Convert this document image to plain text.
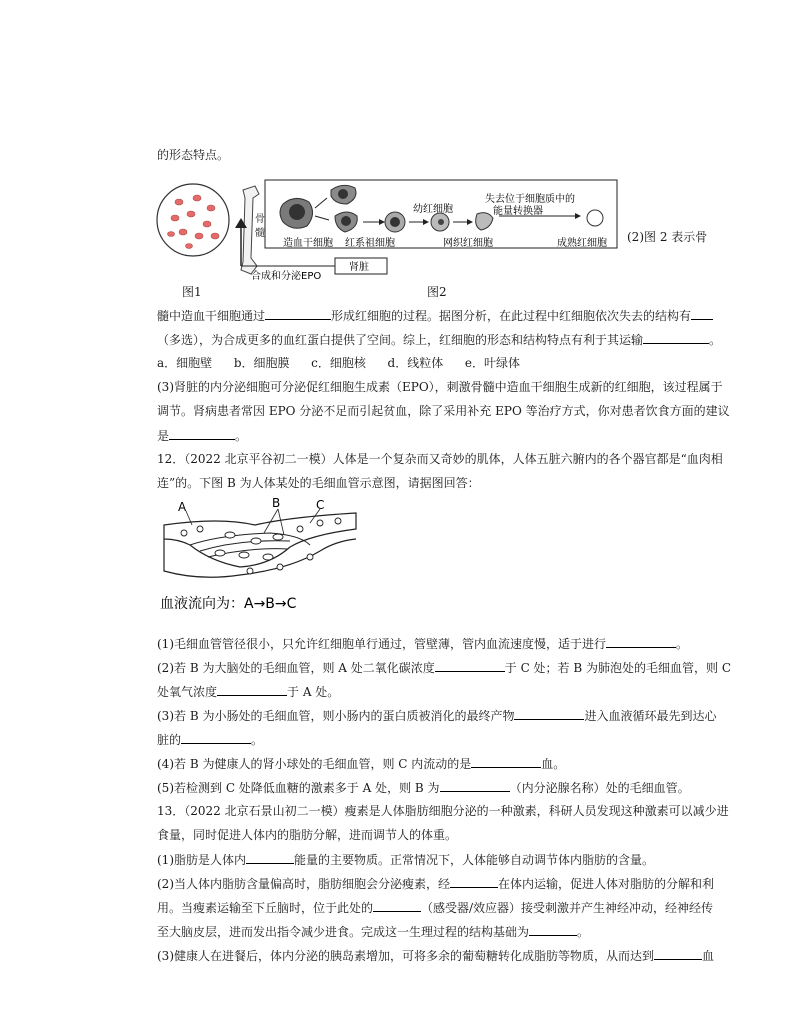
的形态特点。
骨
髓
造血干细胞 红系祖细胞
幼红细胞
网织红细胞	成熟红细胞
失去位于细胞质中的
能量转换器
肾脏
合成和分泌EPO
(2)图 2 表示骨
图1	图2
髓中造血干细胞通过	形成红细胞的过程。据图分析，在此过程中红细胞依次失去的结构有
（多选），为合成更多的血红蛋白提供了空间。综上，红细胞的形态和结构特点有利于其运输	。
a．细胞壁 b．细胞膜 c．细胞核 d．线粒体 e．叶绿体
(3)肾脏的内分泌细胞可分泌促红细胞生成素（EPO），刺激骨髓中造血干细胞生成新的红细胞，该过程属于
调节。肾病患者常因 EPO 分泌不足而引起贫血，除了采用补充 EPO 等治疗方式，你对患者饮食方面的建议
是	。
12．（2022 北京平谷初二一模）人体是一个复杂而又奇妙的肌体，人体五脏六腑内的各个器官都是“血肉相
连”的。下图 B 为人体某处的毛细血管示意图，请据图回答：
A	B	C
血液流向为：A→B→C
(1)毛细血管管径很小，只允许红细胞单行通过，管壁薄，管内血流速度慢，适于进行	。
(2)若 B 为大脑处的毛细血管，则 A 处二氧化碳浓度	于 C 处；若 B 为肺泡处的毛细血管，则 C
处氧气浓度	于 A 处。
(3)若 B 为小肠处的毛细血管，则小肠内的蛋白质被消化的最终产物	进入血液循环最先到达心
脏的	。
(4)若 B 为健康人的肾小球处的毛细血管，则 C 内流动的是	血。
(5)若检测到 C 处降低血糖的激素多于 A 处，则 B 为	（内分泌腺名称）处的毛细血管。
13．（2022 北京石景山初二一模）瘦素是人体脂肪细胞分泌的一种激素，科研人员发现这种激素可以减少进
食量，同时促进人体内的脂肪分解，进而调节人的体重。
(1)脂肪是人体内	能量的主要物质。正常情况下，人体能够自动调节体内脂肪的含量。
(2)当人体内脂肪含量偏高时，脂肪细胞会分泌瘦素，经	在体内运输，促进人体对脂肪的分解和利
用。当瘦素运输至下丘脑时，位于此处的	（感受器/效应器）接受刺激并产生神经冲动，经神经传
至大脑皮层，进而发出指令减少进食。完成这一生理过程的结构基础为	。
(3)健康人在进餐后，体内分泌的胰岛素增加，可将多余的葡萄糖转化成脂肪等物质，从而达到	血
